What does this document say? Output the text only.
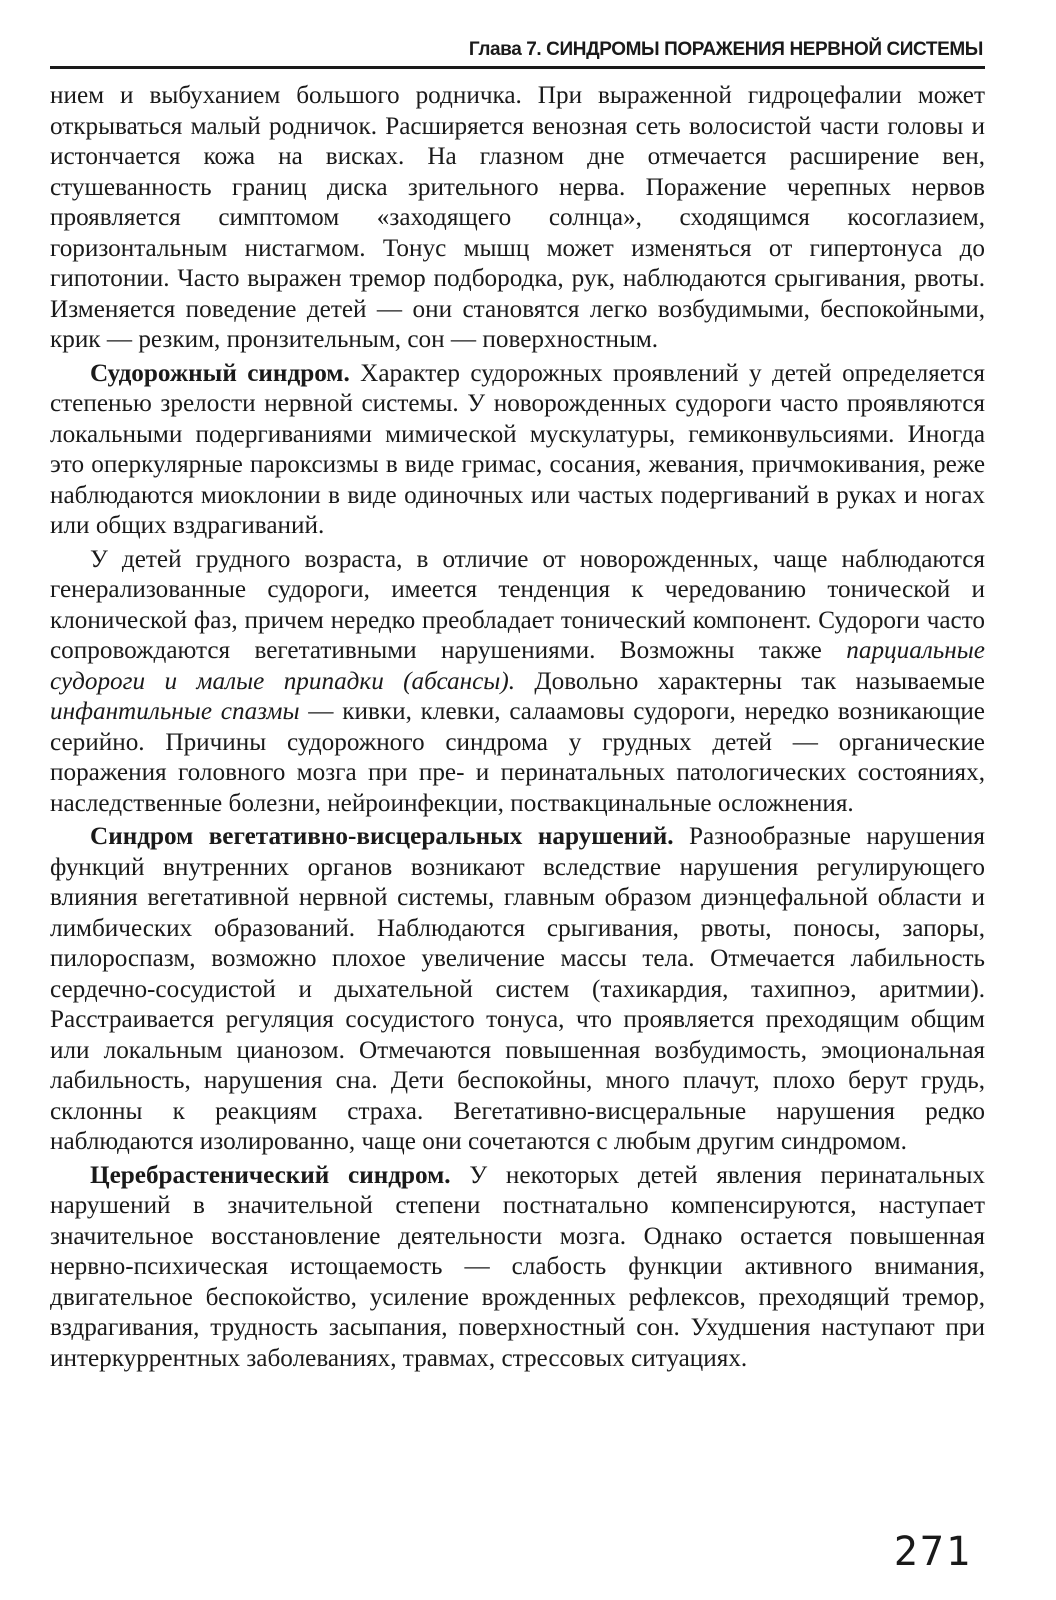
Глава 7. СИНДРОМЫ ПОРАЖЕНИЯ НЕРВНОЙ СИСТЕМЫ

нием и выбуханием большого родничка. При выраженной гидроцефалии может открываться малый родничок. Расширяется венозная сеть волосистой части головы и истончается кожа на висках. На глазном дне отмечается расширение вен, стушеванность границ диска зрительного нерва. Поражение черепных нервов проявляется симптомом «заходящего солнца», сходящимся косоглазием, горизонтальным нистагмом. Тонус мышц может изменяться от гипертонуса до гипотонии. Часто выражен тремор подбородка, рук, наблюдаются срыгивания, рвоты. Изменяется поведение детей — они становятся легко возбудимыми, беспокойными, крик — резким, пронзительным, сон — поверхностным.

Судорожный синдром. Характер судорожных проявлений у детей определяется степенью зрелости нервной системы. У новорожденных судороги часто проявляются локальными подергиваниями мимической мускулатуры, гемиконвульсиями. Иногда это оперкулярные пароксизмы в виде гримас, сосания, жевания, причмокивания, реже наблюдаются миоклонии в виде одиночных или частых подергиваний в руках и ногах или общих вздрагиваний.

У детей грудного возраста, в отличие от новорожденных, чаще наблюдаются генерализованные судороги, имеется тенденция к чередованию тонической и клонической фаз, причем нередко преобладает тонический компонент. Судороги часто сопровождаются вегетативными нарушениями. Возможны также парциальные судороги и малые припадки (абсансы). Довольно характерны так называемые инфантильные спазмы — кивки, клевки, салаамовы судороги, нередко возникающие серийно. Причины судорожного синдрома у грудных детей — органические поражения головного мозга при пре- и перинатальных патологических состояниях, наследственные болезни, нейроинфекции, поствакцинальные осложнения.

Синдром вегетативно-висцеральных нарушений. Разнообразные нарушения функций внутренних органов возникают вследствие нарушения регулирующего влияния вегетативной нервной системы, главным образом диэнцефальной области и лимбических образований. Наблюдаются срыгивания, рвоты, поносы, запоры, пилороспазм, возможно плохое увеличение массы тела. Отмечается лабильность сердечно-сосудистой и дыхательной систем (тахикардия, тахипноэ, аритмии). Расстраивается регуляция сосудистого тонуса, что проявляется преходящим общим или локальным цианозом. Отмечаются повышенная возбудимость, эмоциональная лабильность, нарушения сна. Дети беспокойны, много плачут, плохо берут грудь, склонны к реакциям страха. Вегетативно-висцеральные нарушения редко наблюдаются изолированно, чаще они сочетаются с любым другим синдромом.

Церебрастенический синдром. У некоторых детей явления перинатальных нарушений в значительной степени постнатально компенсируются, наступает значительное восстановление деятельности мозга. Однако остается повышенная нервно-психическая истощаемость — слабость функции активного внимания, двигательное беспокойство, усиление врожденных рефлексов, преходящий тремор, вздрагивания, трудность засыпания, поверхностный сон. Ухудшения наступают при интеркуррентных заболеваниях, травмах, стрессовых ситуациях.

271
